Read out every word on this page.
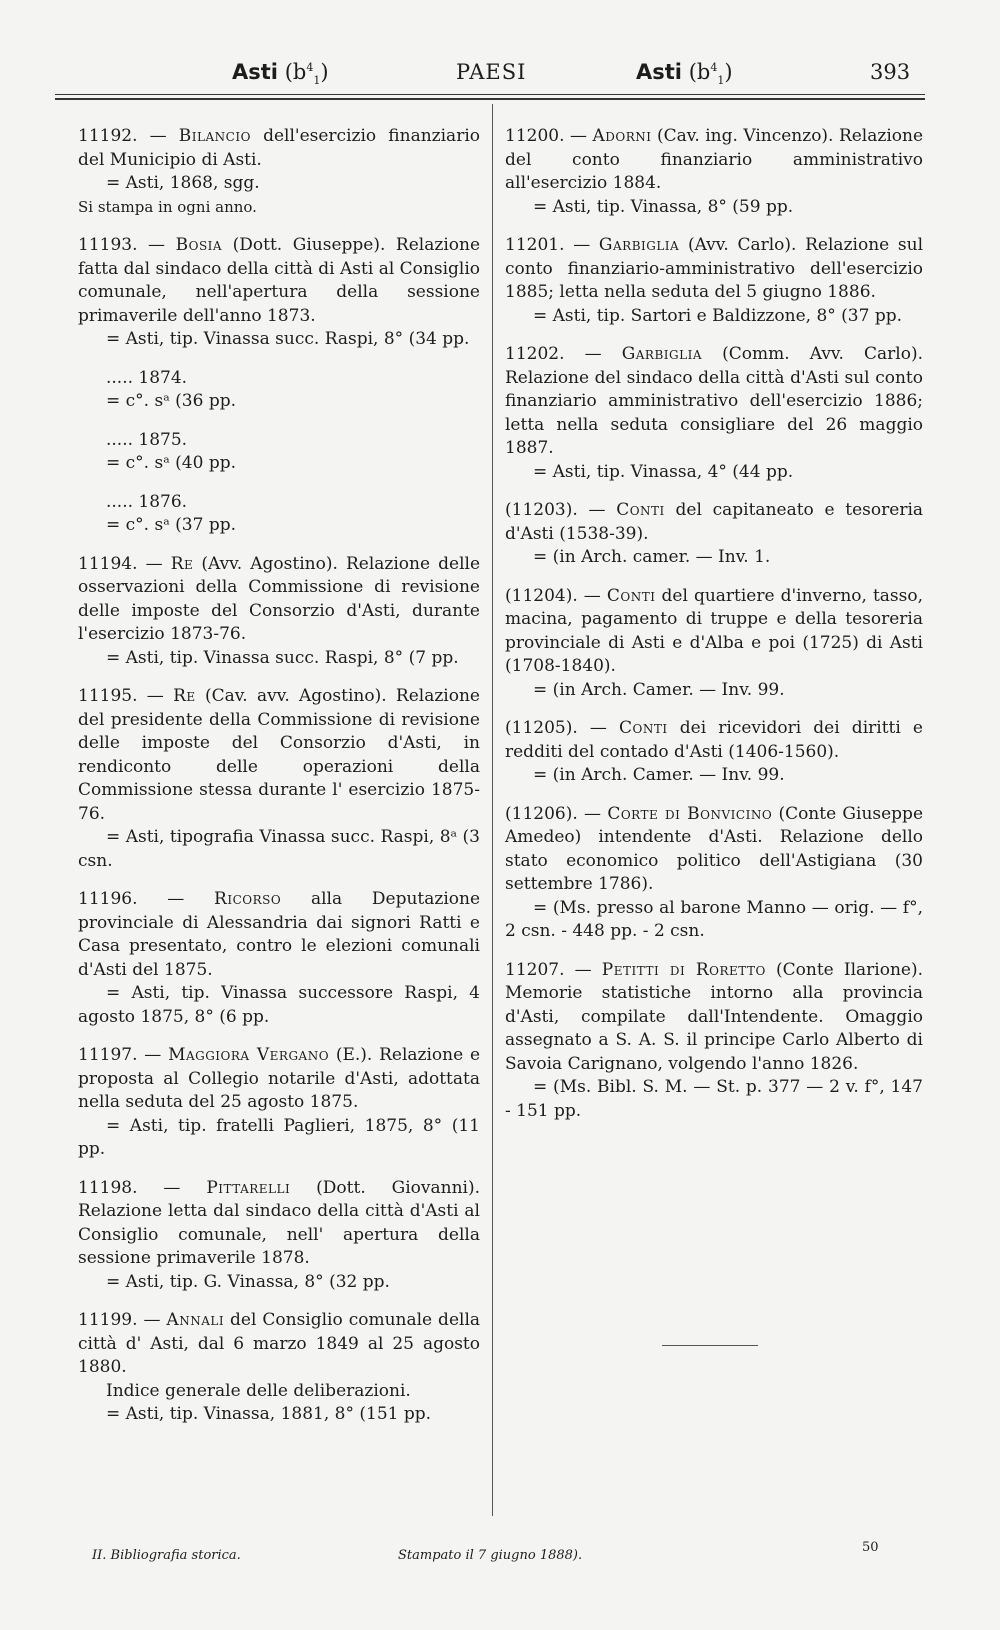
Asti $(b^4_1)$	PAESI	Asti $(b^4_1)$	393

11192. — Bilancio dell'esercizio finanziario del Municipio di Asti.

= Asti, 1868, sgg.

Si stampa in ogni anno.

11193. — Bosia (Dott. Giuseppe). Relazione fatta dal sindaco della città di Asti al Consiglio comunale, nell'apertura della sessione primaverile dell'anno 1873.

= Asti, tip. Vinassa succ. Raspi, 8° (34 pp.

..... 1874.

= c°. sᵃ (36 pp.

..... 1875.

= c°. sᵃ (40 pp.

..... 1876.

= c°. sᵃ (37 pp.

11194. — Re (Avv. Agostino). Relazione delle osservazioni della Commissione di revisione delle imposte del Consorzio d'Asti, durante l'esercizio 1873-76.

= Asti, tip. Vinassa succ. Raspi, 8° (7 pp.

11195. — Re (Cav. avv. Agostino). Relazione del presidente della Commissione di revisione delle imposte del Consorzio d'Asti, in rendiconto delle operazioni della Commissione stessa durante l' esercizio 1875-76.

= Asti, tipografia Vinassa succ. Raspi, 8ᵃ (3 csn.

11196. — Ricorso alla Deputazione provinciale di Alessandria dai signori Ratti e Casa presentato, contro le elezioni comunali d'Asti del 1875.

= Asti, tip. Vinassa successore Raspi, 4 agosto 1875, 8° (6 pp.

11197. — Maggiora Vergano (E.). Relazione e proposta al Collegio notarile d'Asti, adottata nella seduta del 25 agosto 1875.

= Asti, tip. fratelli Paglieri, 1875, 8° (11 pp.

11198. — Pittarelli (Dott. Giovanni). Relazione letta dal sindaco della città d'Asti al Consiglio comunale, nell' apertura della sessione primaverile 1878.

= Asti, tip. G. Vinassa, 8° (32 pp.

11199. — Annali del Consiglio comunale della città d' Asti, dal 6 marzo 1849 al 25 agosto 1880.

Indice generale delle deliberazioni.

= Asti, tip. Vinassa, 1881, 8° (151 pp.

11200. — Adorni (Cav. ing. Vincenzo). Relazione del conto finanziario amministrativo all'esercizio 1884.

= Asti, tip. Vinassa, 8° (59 pp.

11201. — Garbiglia (Avv. Carlo). Relazione sul conto finanziario-amministrativo dell'esercizio 1885; letta nella seduta del 5 giugno 1886.

= Asti, tip. Sartori e Baldizzone, 8° (37 pp.

11202. — Garbiglia (Comm. Avv. Carlo). Relazione del sindaco della città d'Asti sul conto finanziario amministrativo dell'esercizio 1886; letta nella seduta consigliare del 26 maggio 1887.

= Asti, tip. Vinassa, 4° (44 pp.

(11203). — Conti del capitaneato e tesoreria d'Asti (1538-39).

= (in Arch. camer. — Inv. 1.

(11204). — Conti del quartiere d'inverno, tasso, macina, pagamento di truppe e della tesoreria provinciale di Asti e d'Alba e poi (1725) di Asti (1708-1840).

= (in Arch. Camer. — Inv. 99.

(11205). — Conti dei ricevidori dei diritti e redditi del contado d'Asti (1406-1560).

= (in Arch. Camer. — Inv. 99.

(11206). — Corte di Bonvicino (Conte Giuseppe Amedeo) intendente d'Asti. Relazione dello stato economico politico dell'Astigiana (30 settembre 1786).

= (Ms. presso al barone Manno — orig. — f°, 2 csn. - 448 pp. - 2 csn.

11207. — Petitti di Roretto (Conte Ilarione). Memorie statistiche intorno alla provincia d'Asti, compilate dall'Intendente. Omaggio assegnato a S. A. S. il principe Carlo Alberto di Savoia Carignano, volgendo l'anno 1826.

= (Ms. Bibl. S. M. — St. p. 377 — 2 v. f°, 147 - 151 pp.

II. Bibliografia storica.	Stampato il 7 giugno 1888).
50
